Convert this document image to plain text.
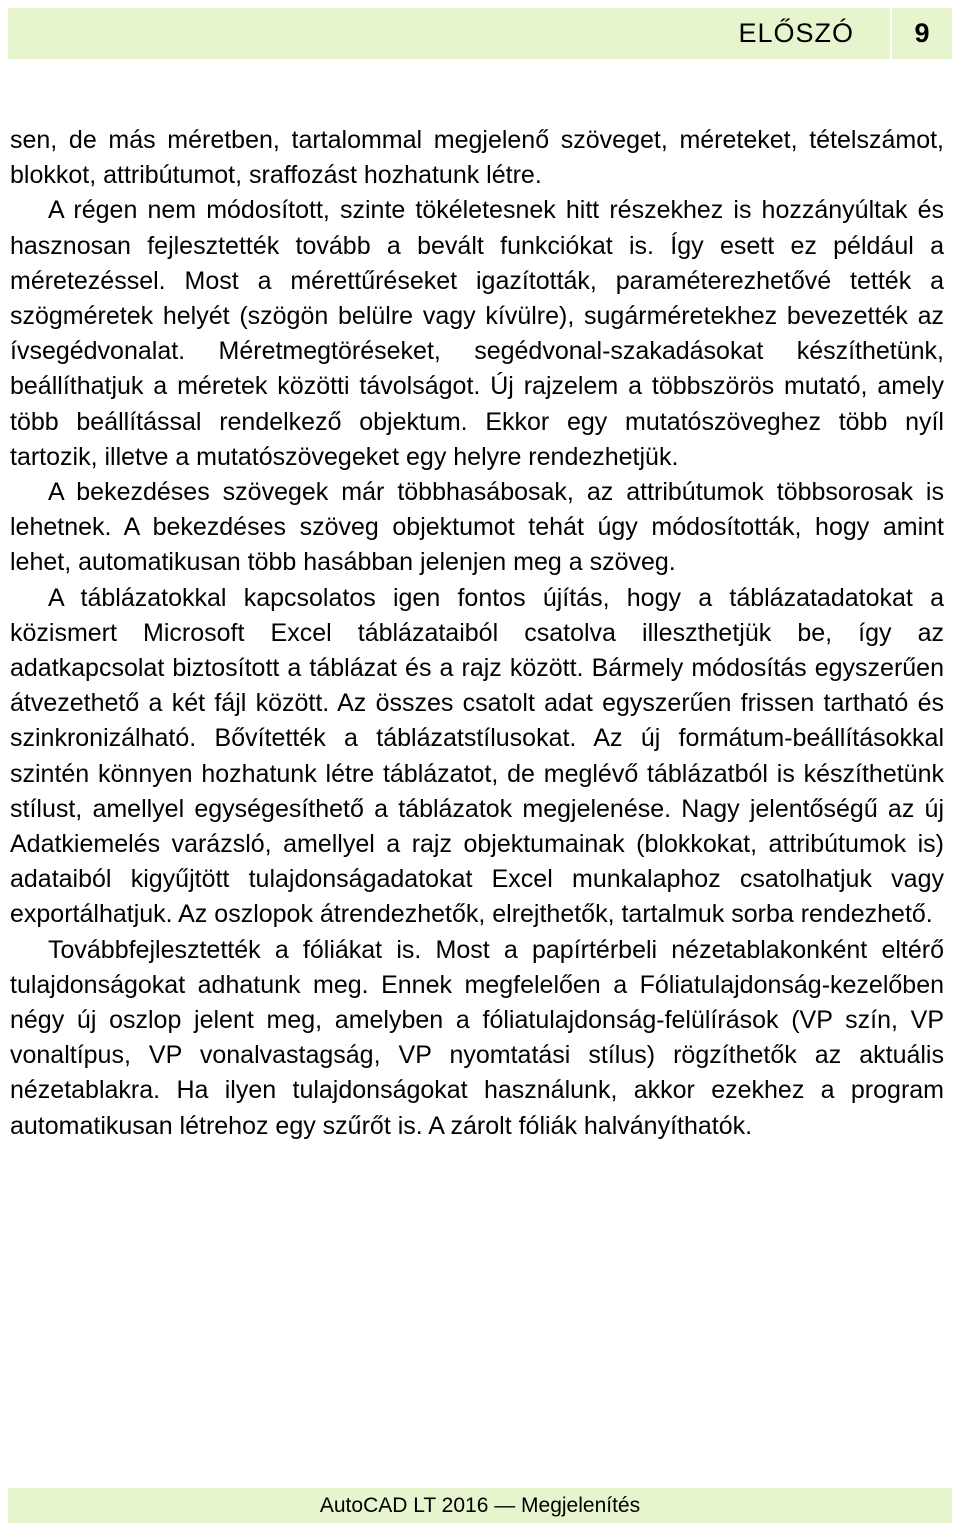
ELŐSZÓ	9

sen, de más méretben, tartalommal megjelenő szöveget, méreteket, tételszámot, blokkot, attribútumot, sraffozást hozhatunk létre.

A régen nem módosított, szinte tökéletesnek hitt részekhez is hozzányúltak és hasznosan fejlesztették tovább a bevált funkciókat is. Így esett ez például a méretezéssel. Most a mérettűréseket igazították, paraméterezhetővé tették a szögméretek helyét (szögön belülre vagy kívülre), sugárméretekhez bevezették az ívsegédvonalat. Méretmegtöréseket, segédvonal-szakadásokat készíthetünk, beállíthatjuk a méretek közötti távolságot. Új rajzelem a többszörös mutató, amely több beállítással rendelkező objektum. Ekkor egy mutatószöveghez több nyíl tartozik, illetve a mutatószövegeket egy helyre rendezhetjük.

A bekezdéses szövegek már többhasábosak, az attribútumok többsorosak is lehetnek. A bekezdéses szöveg objektumot tehát úgy módosították, hogy amint lehet, automatikusan több hasábban jelenjen meg a szöveg.

A táblázatokkal kapcsolatos igen fontos újítás, hogy a táblázatadatokat a közismert Microsoft Excel táblázataiból csatolva illeszthetjük be, így az adatkapcsolat biztosított a táblázat és a rajz között. Bármely módosítás egyszerűen átvezethető a két fájl között. Az összes csatolt adat egyszerűen frissen tartható és szinkronizálható. Bővítették a táblázatstílusokat. Az új formátum-beállításokkal szintén könnyen hozhatunk létre táblázatot, de meglévő táblázatból is készíthetünk stílust, amellyel egységesíthető a táblázatok megjelenése. Nagy jelentőségű az új Adatkiemelés varázsló, amellyel a rajz objektumainak (blokkokat, attribútumok is) adataiból kigyűjtött tulajdonságadatokat Excel munkalaphoz csatolhatjuk vagy exportálhatjuk. Az oszlopok átrendezhetők, elrejthetők, tartalmuk sorba rendezhető.

Továbbfejlesztették a fóliákat is. Most a papírtérbeli nézetablakonként eltérő tulajdonságokat adhatunk meg. Ennek megfelelően a Fóliatulajdonság-kezelőben négy új oszlop jelent meg, amelyben a fóliatulajdonság-felülírások (VP szín, VP vonaltípus, VP vonalvastagság, VP nyomtatási stílus) rögzíthetők az aktuális nézetablakra. Ha ilyen tulajdonságokat használunk, akkor ezekhez a program automatikusan létrehoz egy szűrőt is. A zárolt fóliák halványíthatók.

AutoCAD LT 2016 — Megjelenítés
